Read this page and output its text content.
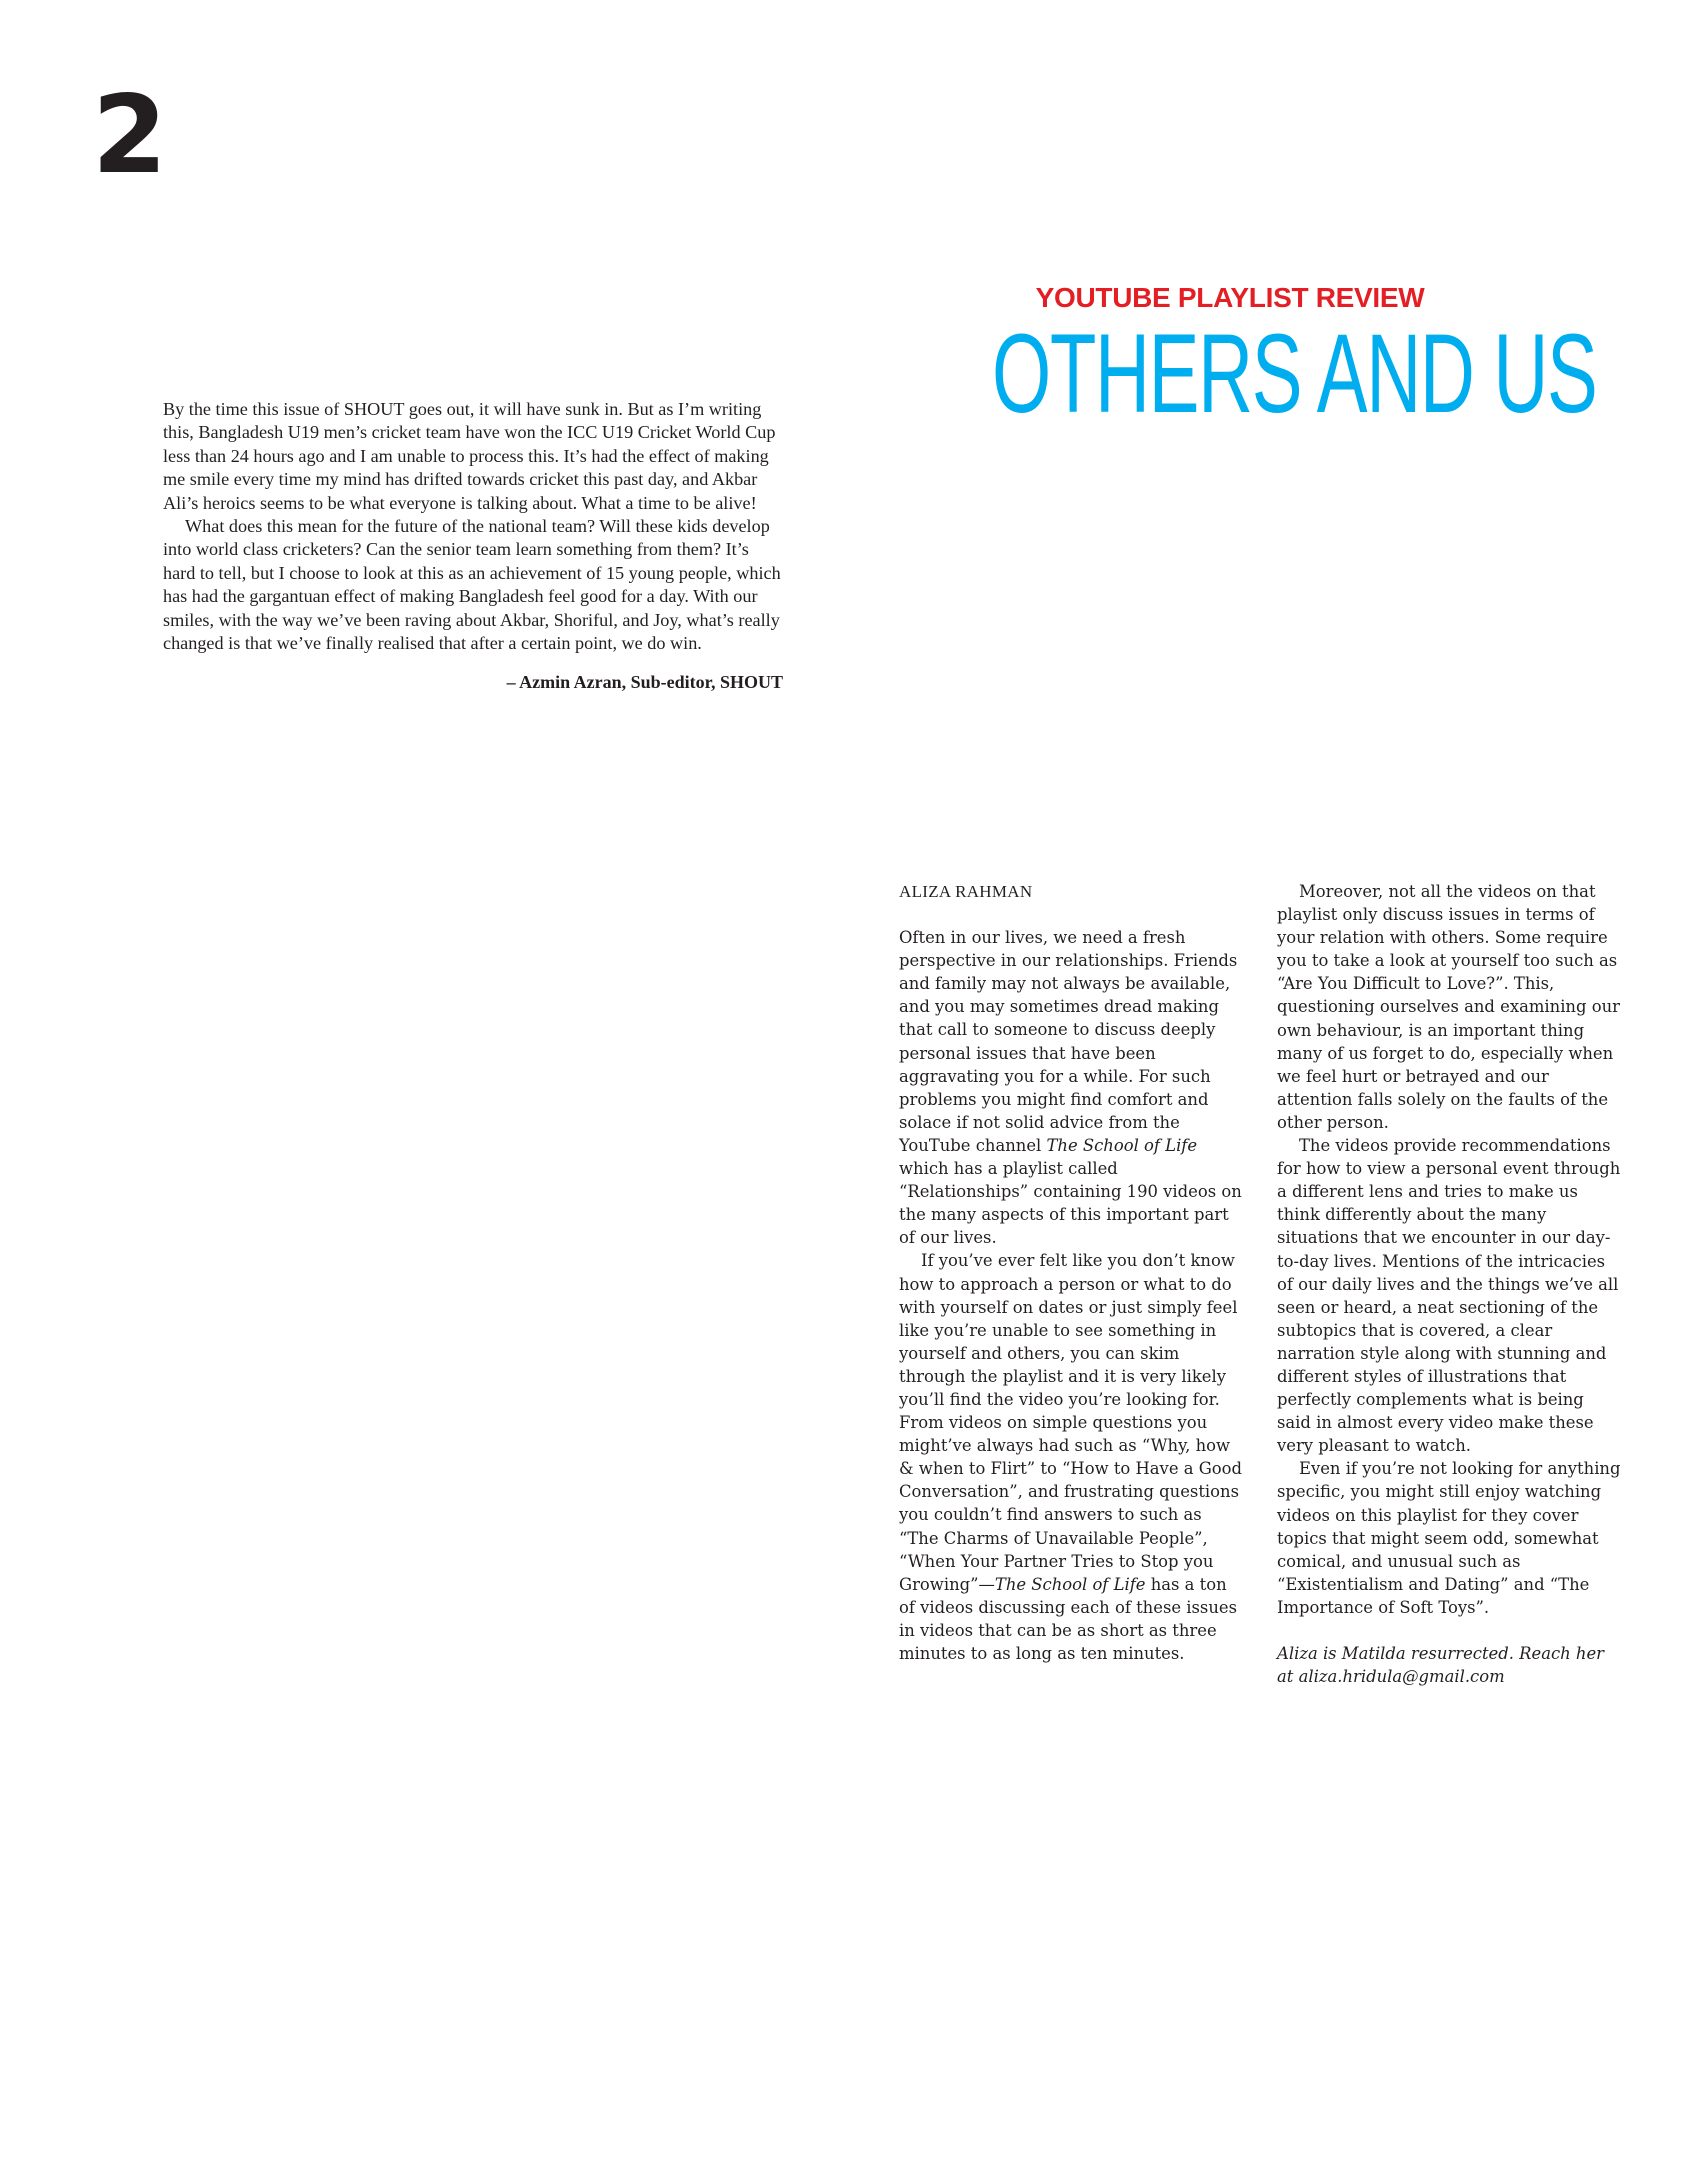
2

By the time this issue of SHOUT goes out, it will have sunk in. But as I’m writing this, Bangladesh U19 men’s cricket team have won the ICC U19 Cricket World Cup less than 24 hours ago and I am unable to process this. It’s had the effect of making me smile every time my mind has drifted towards cricket this past day, and Akbar Ali’s heroics seems to be what everyone is talking about. What a time to be alive!

What does this mean for the future of the national team? Will these kids develop into world class cricketers? Can the senior team learn something from them? It’s hard to tell, but I choose to look at this as an achievement of 15 young people, which has had the gargantuan effect of making Bangladesh feel good for a day. With our smiles, with the way we’ve been raving about Akbar, Shoriful, and Joy, what’s really changed is that we’ve finally realised that after a certain point, we do win.

– Azmin Azran, Sub-editor, SHOUT

YOUTUBE PLAYLIST REVIEW
OTHERS AND US

ALIZA RAHMAN

Often in our lives, we need a fresh perspective in our relationships. Friends and family may not always be available, and you may sometimes dread making that call to someone to discuss deeply personal issues that have been aggravating you for a while. For such problems you might find comfort and solace if not solid advice from the YouTube channel The School of Life which has a playlist called “Relationships” containing 190 videos on the many aspects of this important part of our lives.

If you’ve ever felt like you don’t know how to approach a person or what to do with yourself on dates or just simply feel like you’re unable to see something in yourself and others, you can skim through the playlist and it is very likely you’ll find the video you’re looking for. From videos on simple questions you might’ve always had such as “Why, how & when to Flirt” to “How to Have a Good Conversation”, and frustrating questions you couldn’t find answers to such as “The Charms of Unavailable People”, “When Your Partner Tries to Stop you Growing”—The School of Life has a ton of videos discussing each of these issues in videos that can be as short as three minutes to as long as ten minutes.

Moreover, not all the videos on that playlist only discuss issues in terms of your relation with others. Some require you to take a look at yourself too such as “Are You Difficult to Love?”. This, questioning ourselves and examining our own behaviour, is an important thing many of us forget to do, especially when we feel hurt or betrayed and our attention falls solely on the faults of the other person.

The videos provide recommendations for how to view a personal event through a different lens and tries to make us think differently about the many situations that we encounter in our day-to-day lives. Mentions of the intricacies of our daily lives and the things we’ve all seen or heard, a neat sectioning of the subtopics that is covered, a clear narration style along with stunning and different styles of illustrations that perfectly complements what is being said in almost every video make these very pleasant to watch.

Even if you’re not looking for anything specific, you might still enjoy watching videos on this playlist for they cover topics that might seem odd, somewhat comical, and unusual such as “Existentialism and Dating” and “The Importance of Soft Toys”.

Aliza is Matilda resurrected. Reach her at aliza.hridula@gmail.com
